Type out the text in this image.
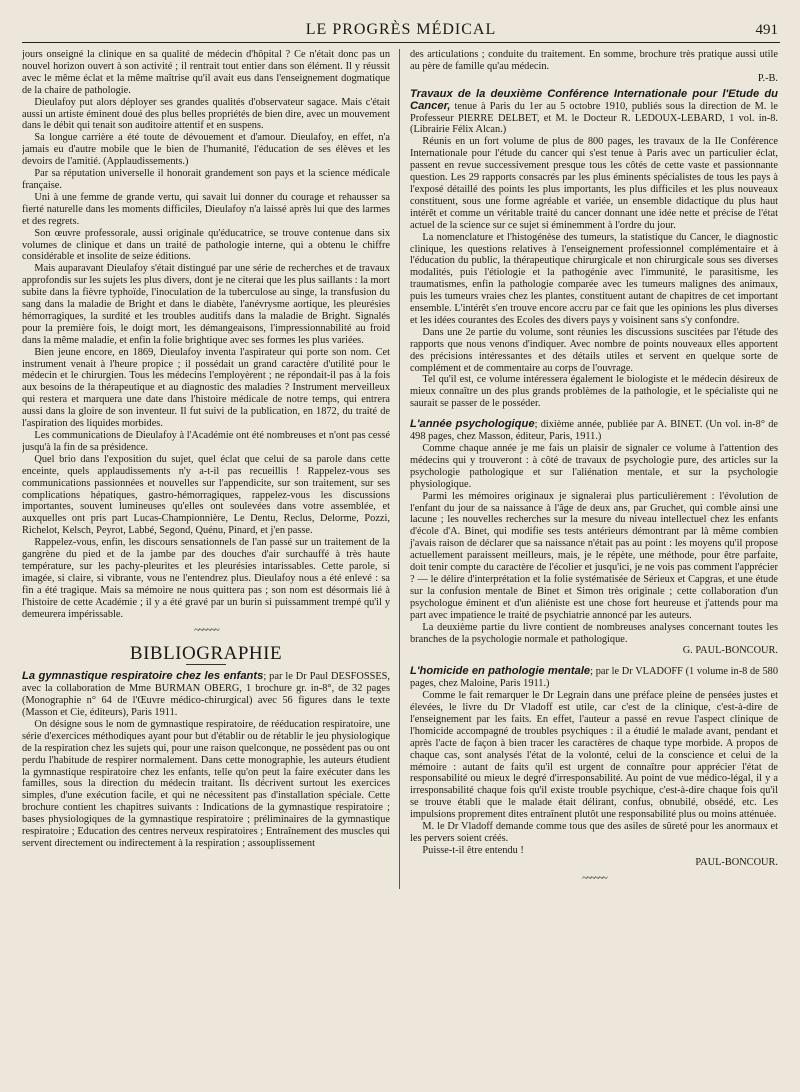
LE PROGRÈS MÉDICAL	491

jours onseigné la clinique en sa qualité de médecin d'hôpital ? Ce n'était donc pas un nouvel horizon ouvert à son activité ; il rentrait tout entier dans son élément. Il y réussit avec le même éclat et la même maîtrise qu'il avait eus dans l'enseignement dogmatique de la chaire de pathologie.

Dieulafoy put alors déployer ses grandes qualités d'observateur sagace. Mais c'était aussi un artiste éminent doué des plus belles propriétés de bien dire, avec un mouvement dans le débit qui tenait son auditoire attentif et en suspens.

Sa longue carrière a été toute de dévouement et d'amour. Dieulafoy, en effet, n'a jamais eu d'autre mobile que le bien de l'humanité, l'éducation de ses élèves et les devoirs de l'amitié. (Applaudissements.)

Par sa réputation universelle il honorait grandement son pays et la science médicale française.

Uni à une femme de grande vertu, qui savait lui donner du courage et rehausser sa fierté naturelle dans les moments difficiles, Dieulafoy n'a laissé après lui que des larmes et des regrets.

Son œuvre professorale, aussi originale qu'éducatrice, se trouve contenue dans six volumes de clinique et dans un traité de pathologie interne, qui a obtenu le chiffre considérable et insolite de seize éditions.

Mais auparavant Dieulafoy s'était distingué par une série de recherches et de travaux approfondis sur les sujets les plus divers, dont je ne citerai que les plus saillants : la mort subite dans la fièvre typhoïde, l'inoculation de la tuberculose au singe, la transfusion du sang dans la maladie de Bright et dans le diabète, l'anévrysme aortique, les pleurésies hémorragiques, la surdité et les troubles auditifs dans la maladie de Bright. Signalés pour la première fois, le doigt mort, les démangeaisons, l'impressionnabilité au froid dans la même maladie, et enfin la folie brightique avec ses formes les plus variées.

Bien jeune encore, en 1869, Dieulafoy inventa l'aspirateur qui porte son nom. Cet instrument venait à l'heure propice ; il possédait un grand caractère d'utilité pour le médecin et le chirurgien. Tous les médecins l'employèrent ; ne répondait-il pas à la fois aux besoins de la thérapeutique et au diagnostic des maladies ? Instrument merveilleux qui restera et marquera une date dans l'histoire médicale de notre temps, qui entrera aussi dans la gloire de son inventeur. Il fut suivi de la publication, en 1872, du traité de l'aspiration des liquides morbides.

Les communications de Dieulafoy à l'Académie ont été nombreuses et n'ont pas cessé jusqu'à la fin de sa présidence.

Quel brio dans l'exposition du sujet, quel éclat que celui de sa parole dans cette enceinte, quels applaudissements n'y a-t-il pas recueillis ! Rappelez-vous ses communications passionnées et nouvelles sur l'appendicite, sur son traitement, sur ses complications hépatiques, gastro-hémorragiques, rappelez-vous les discussions importantes, souvent lumineuses qu'elles ont soulevées dans votre assemblée, et auxquelles ont pris part Lucas-Championnière, Le Dentu, Reclus, Delorme, Pozzi, Richelot, Kelsch, Peyrot, Labbé, Segond, Quénu, Pinard, et j'en passe.

Rappelez-vous, enfin, les discours sensationnels de l'an passé sur un traitement de la gangrène du pied et de la jambe par des douches d'air surchauffé à très haute température, sur les pachy-pleurites et les pleurésies intarissables. Cette parole, si imagée, si claire, si vibrante, vous ne l'entendrez plus. Dieulafoy nous a été enlevé : sa fin a été tragique. Mais sa mémoire ne nous quittera pas ; son nom est désormais lié à l'histoire de cette Académie ; il y a été gravé par un burin si puissamment trempé qu'il y demeurera impérissable.

~~~~~~
BIBLIOGRAPHIE

La gymnastique respiratoire chez les enfants; par le Dr Paul DESFOSSES, avec la collaboration de Mme BURMAN OBERG, 1 brochure gr. in-8°, de 32 pages (Monographie n° 64 de l'Œuvre médico-chirurgical) avec 56 figures dans le texte (Masson et Cie, éditeurs), Paris 1911.

On désigne sous le nom de gymnastique respiratoire, de rééducation respiratoire, une série d'exercices méthodiques ayant pour but d'établir ou de rétablir le jeu physiologique de la respiration chez les sujets qui, pour une raison quelconque, ne possèdent pas ou ont perdu l'habitude de respirer normalement. Dans cette monographie, les auteurs étudient la gymnastique respiratoire chez les enfants, telle qu'on peut la faire exécuter dans les familles, sous la direction du médecin traitant. Ils décrivent surtout les exercices simples, d'une exécution facile, et qui ne nécessitent pas d'installation spéciale. Cette brochure contient les chapitres suivants : Indications de la gymnastique respiratoire ; bases physiologiques de la gymnastique respiratoire ; préliminaires de la gymnastique respiratoire ; Education des centres nerveux respiratoires ; Entraînement des muscles qui servent directement ou indirectement à la respiration ; assouplissement

des articulations ; conduite du traitement. En somme, brochure très pratique aussi utile au père de famille qu'au médecin.

P.-B.

Travaux de la deuxième Conférence Internationale pour l'Etude du Cancer, tenue à Paris du 1er au 5 octobre 1910, publiés sous la direction de M. le Professeur PIERRE DELBET, et M. le Docteur R. LEDOUX-LEBARD, 1 vol. in-8. (Librairie Félix Alcan.)

Réunis en un fort volume de plus de 800 pages, les travaux de la IIe Conférence Internationale pour l'étude du cancer qui s'est tenue à Paris avec un particulier éclat, passent en revue successivement presque tous les côtés de cette vaste et passionnante question. Les 29 rapports consacrés par les plus éminents spécialistes de tous les pays à l'exposé détaillé des points les plus importants, les plus difficiles et les plus nouveaux constituent, sous une forme agréable et variée, un ensemble didactique du plus haut intérêt et comme un véritable traité du cancer donnant une idée nette et précise de l'état actuel de la science sur ce sujet si éminemment à l'ordre du jour.

La nomenclature et l'histogénèse des tumeurs, la statistique du Cancer, le diagnostic clinique, les questions relatives à l'enseignement professionnel complémentaire et à l'éducation du public, la thérapeutique chirurgicale et non chirurgicale sous ses diverses modalités, puis l'étiologie et la pathogénie avec l'immunité, le parasitisme, les traumatismes, enfin la pathologie comparée avec les tumeurs malignes des animaux, puis les tumeurs vraies chez les plantes, constituent autant de chapitres de cet important ensemble. L'intérêt s'en trouve encore accru par ce fait que les opinions les plus diverses et les idées courantes des Ecoles des divers pays y voisinent sans s'y confondre.

Dans une 2e partie du volume, sont réunies les discussions suscitées par l'étude des rapports que nous venons d'indiquer. Avec nombre de points nouveaux elles apportent des précisions intéressantes et des détails utiles et servent en quelque sorte de complément et de commentaire au corps de l'ouvrage.

Tel qu'il est, ce volume intéressera également le biologiste et le médecin désireux de mieux connaître un des plus grands problèmes de la pathologie, et le spécialiste qui ne saurait se passer de le posséder.

L'année psychologique; dixième année, publiée par A. BINET. (Un vol. in-8° de 498 pages, chez Masson, éditeur, Paris, 1911.)

Comme chaque année je me fais un plaisir de signaler ce volume à l'attention des médecins qui y trouveront : à côté de travaux de psychologie pure, des articles sur la psychologie pathologique et sur l'aliénation mentale, et sur la psychologie physiologique.

Parmi les mémoires originaux je signalerai plus particulièrement : l'évolution de l'enfant du jour de sa naissance à l'âge de deux ans, par Gruchet, qui comble ainsi une lacune ; les nouvelles recherches sur la mesure du niveau intellectuel chez les enfants d'école d'A. Binet, qui modifie ses tests antérieurs démontrant par là même combien j'avais raison de déclarer que sa naissance n'était pas au point : les moyens qu'il propose actuellement paraissent meilleurs, mais, je le répète, une méthode, pour être parfaite, doit tenir compte du caractère de l'écolier et jusqu'ici, je ne vois pas comment l'apprécier ? — le délire d'interprétation et la folie systématisée de Sérieux et Capgras, et une étude sur la confusion mentale de Binet et Simon très originale ; cette collaboration d'un psychologue éminent et d'un aliéniste est une chose fort heureuse et j'attends pour ma part avec impatience le traité de psychiatrie annoncé par les auteurs.

La deuxième partie du livre contient de nombreuses analyses concernant toutes les branches de la psychologie normale et pathologique.

G. PAUL-BONCOUR.

L'homicide en pathologie mentale; par le Dr VLADOFF (1 volume in-8 de 580 pages, chez Maloine, Paris 1911.)

Comme le fait remarquer le Dr Legrain dans une préface pleine de pensées justes et élevées, le livre du Dr Vladoff est utile, car c'est de la clinique, c'est-à-dire de l'enseignement par les faits. En effet, l'auteur a passé en revue l'aspect clinique de l'homicide accompagné de troubles psychiques : il a étudié le malade avant, pendant et après l'acte de façon à bien tracer les caractères de chaque type morbide. A propos de chaque cas, sont analysés l'état de la volonté, celui de la conscience et celui de la mémoire : autant de faits qu'il est urgent de connaître pour apprécier l'état de responsabilité ou mieux le degré d'irresponsabilité. Au point de vue médico-légal, il y a irresponsabilité chaque fois qu'il existe trouble psychique, c'est-à-dire chaque fois qu'il se trouve établi que le malade était délirant, confus, obnubilé, obsédé, etc. Les impulsions proprement dites entraînent plutôt une responsabilité plus ou moins atténuée.

M. le Dr Vladoff demande comme tous que des asiles de sûreté pour les anormaux et les pervers soient créés.

Puisse-t-il être entendu !

PAUL-BONCOUR.
~~~~~~
